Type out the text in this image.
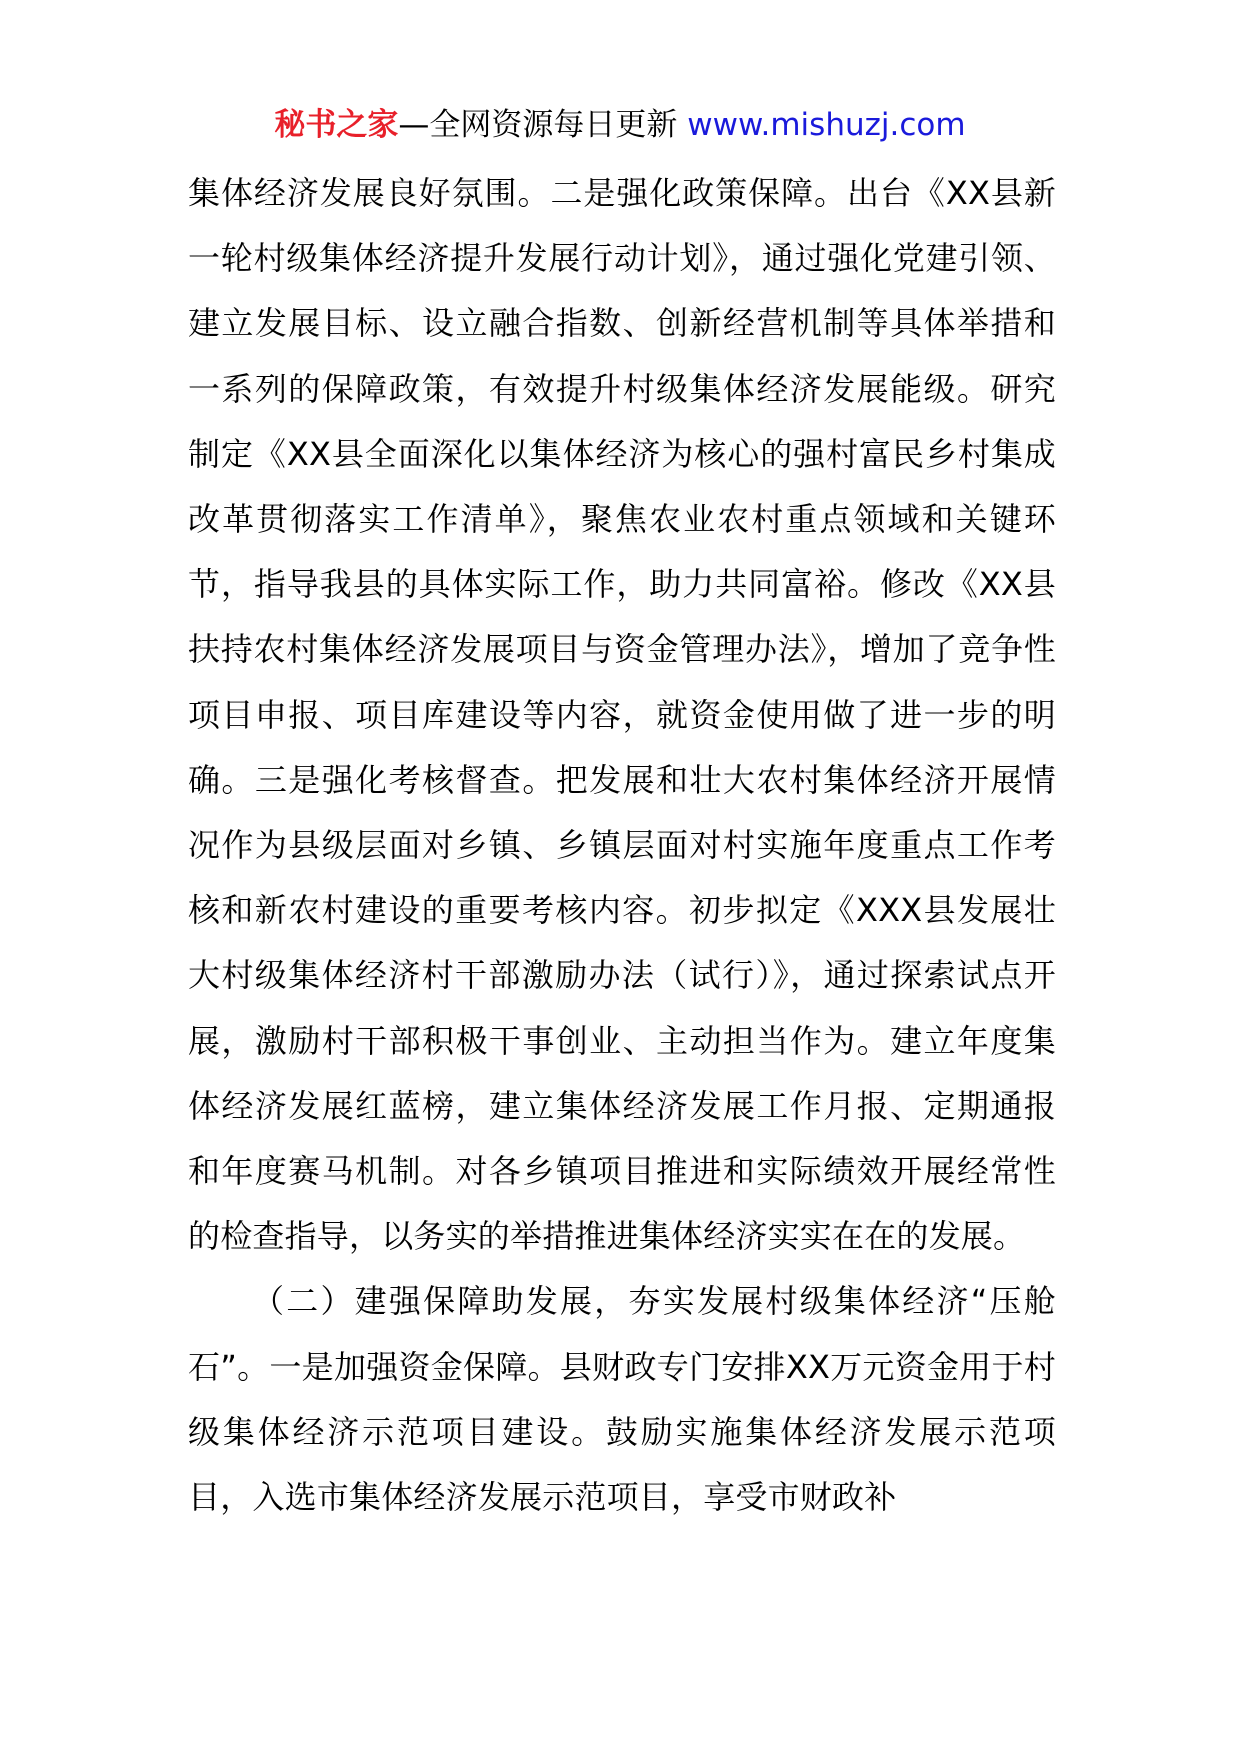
秘书之家—全网资源每日更新 www.mishuzj.com

集体经济发展良好氛围。二是强化政策保障。出台《XX县新一轮村级集体经济提升发展行动计划》，通过强化党建引领、建立发展目标、设立融合指数、创新经营机制等具体举措和一系列的保障政策，有效提升村级集体经济发展能级。研究制定《XX县全面深化以集体经济为核心的强村富民乡村集成改革贯彻落实工作清单》，聚焦农业农村重点领域和关键环节，指导我县的具体实际工作，助力共同富裕。修改《XX县扶持农村集体经济发展项目与资金管理办法》，增加了竞争性项目申报、项目库建设等内容，就资金使用做了进一步的明确。三是强化考核督查。把发展和壮大农村集体经济开展情况作为县级层面对乡镇、乡镇层面对村实施年度重点工作考核和新农村建设的重要考核内容。初步拟定《XXX县发展壮大村级集体经济村干部激励办法（试行）》，通过探索试点开展，激励村干部积极干事创业、主动担当作为。建立年度集体经济发展红蓝榜，建立集体经济发展工作月报、定期通报和年度赛马机制。对各乡镇项目推进和实际绩效开展经常性的检查指导，以务实的举措推进集体经济实实在在的发展。

（二）建强保障助发展，夯实发展村级集体经济“压舱石”。一是加强资金保障。县财政专门安排XX万元资金用于村级集体经济示范项目建设。鼓励实施集体经济发展示范项目，入选市集体经济发展示范项目，享受市财政补
